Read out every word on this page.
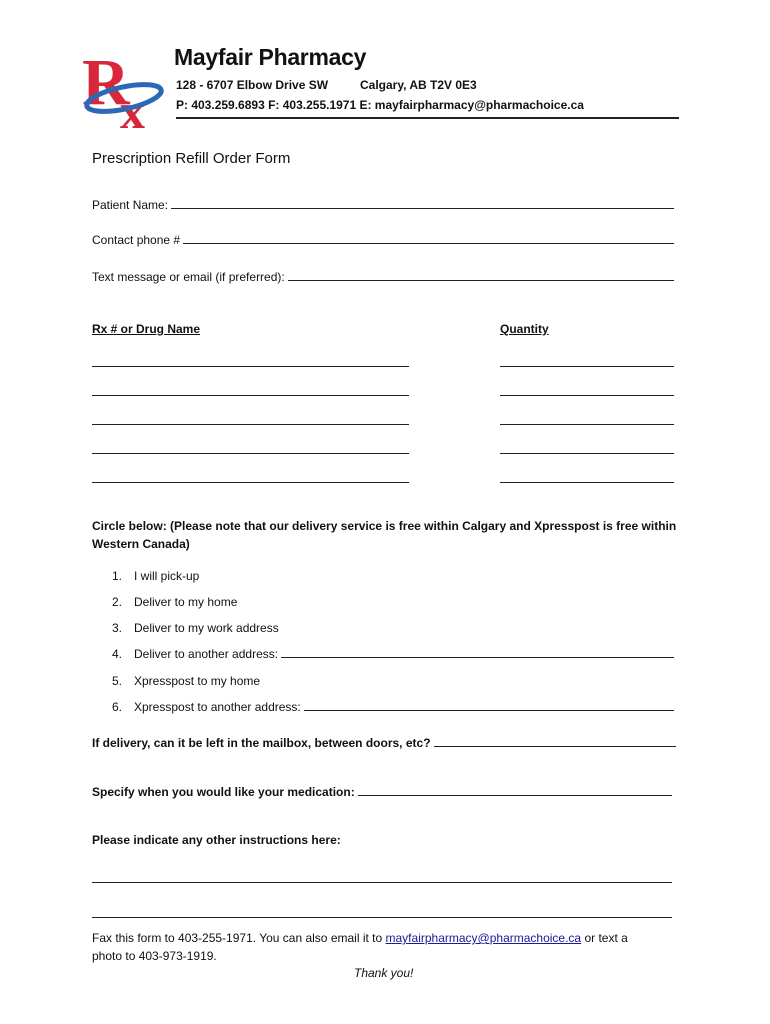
R
x
Mayfair Pharmacy
128 - 6707 Elbow Drive SW	Calgary, AB T2V 0E3
P: 403.259.6893 F: 403.255.1971 E: mayfairpharmacy@pharmachoice.ca
Prescription Refill Order Form
Patient Name:
Contact phone #
Text message or email (if preferred):
Rx # or Drug Name	Quantity
Circle below: (Please note that our delivery service is free within Calgary and Xpresspost is free within Western Canada)
1. I will pick-up
2. Deliver to my home
3. Deliver to my work address
4. Deliver to another address:
5. Xpresspost to my home
6. Xpresspost to another address:
If delivery, can it be left in the mailbox, between doors, etc?
Specify when you would like your medication:
Please indicate any other instructions here:
Fax this form to 403-255-1971. You can also email it to mayfairpharmacy@pharmachoice.ca or text a
photo to 403-973-1919.
Thank you!
